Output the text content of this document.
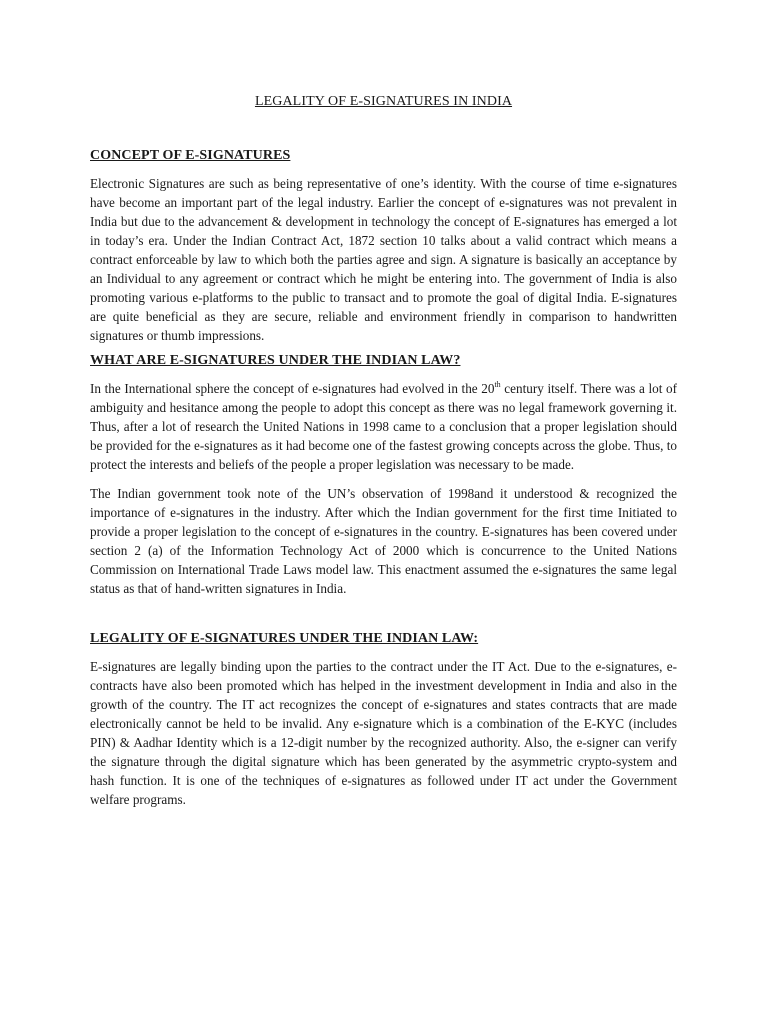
LEGALITY OF E-SIGNATURES IN INDIA
CONCEPT OF E-SIGNATURES

Electronic Signatures are such as being representative of one’s identity. With the course of time e-signatures have become an important part of the legal industry. Earlier the concept of e-signatures was not prevalent in India but due to the advancement & development in technology the concept of E-signatures has emerged a lot in today’s era. Under the Indian Contract Act, 1872 section 10 talks about a valid contract which means a contract enforceable by law to which both the parties agree and sign. A signature is basically an acceptance by an Individual to any agreement or contract which he might be entering into. The government of India is also promoting various e-platforms to the public to transact and to promote the goal of digital India. E-signatures are quite beneficial as they are secure, reliable and environment friendly in comparison to handwritten signatures or thumb impressions.

WHAT ARE E-SIGNATURES UNDER THE INDIAN LAW?

In the International sphere the concept of e-signatures had evolved in the 20th century itself. There was a lot of ambiguity and hesitance among the people to adopt this concept as there was no legal framework governing it. Thus, after a lot of research the United Nations in 1998 came to a conclusion that a proper legislation should be provided for the e-signatures as it had become one of the fastest growing concepts across the globe. Thus, to protect the interests and beliefs of the people a proper legislation was necessary to be made.

The Indian government took note of the UN’s observation of 1998and it understood & recognized the importance of e-signatures in the industry. After which the Indian government for the first time Initiated to provide a proper legislation to the concept of e-signatures in the country. E-signatures has been covered under section 2 (a) of the Information Technology Act of 2000 which is concurrence to the United Nations Commission on International Trade Laws model law. This enactment assumed the e-signatures the same legal status as that of hand-written signatures in India.

LEGALITY OF E-SIGNATURES UNDER THE INDIAN LAW:

E-signatures are legally binding upon the parties to the contract under the IT Act. Due to the e-signatures, e-contracts have also been promoted which has helped in the investment development in India and also in the growth of the country. The IT act recognizes the concept of e-signatures and states contracts that are made electronically cannot be held to be invalid. Any e-signature which is a combination of the E-KYC (includes PIN) & Aadhar Identity which is a 12-digit number by the recognized authority. Also, the e-signer can verify the signature through the digital signature which has been generated by the asymmetric crypto-system and hash function. It is one of the techniques of e-signatures as followed under IT act under the Government welfare programs.
